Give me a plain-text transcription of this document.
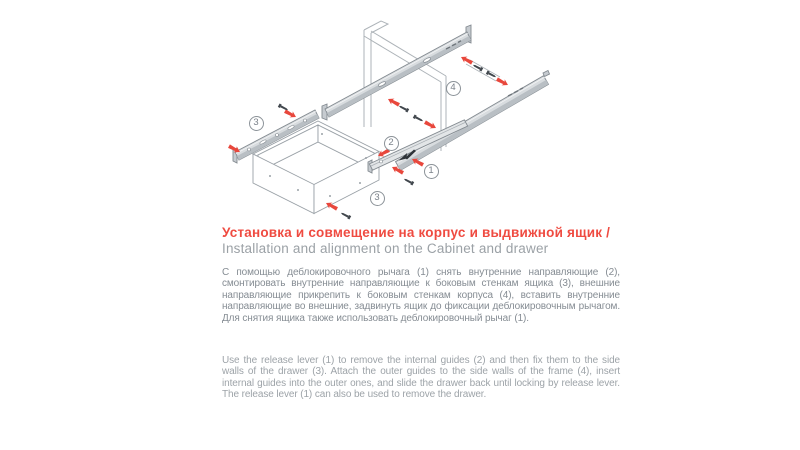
3
2
1
4
3
Установка и совмещение на корпус и выдвижной ящик /
Installation and alignment on the Cabinet and drawer

С помощью деблокировочного рычага (1) снять внутренние направляющие (2), смонтировать внутренние направляющие к боковым стенкам ящика (3), внешние направляющие прикрепить к боковым стенкам корпуса (4), вставить внутренние направляющие во внешние, задвинуть ящик до фиксации деблокировочным рычагом. Для снятия ящика также использовать деблокировочный рычаг (1).

Use the release lever (1) to remove the internal guides (2) and then fix them to the side walls of the drawer (3). Attach the outer guides to the side walls of the frame (4), insert internal guides into the outer ones, and slide the drawer back until locking by release lever. The release lever (1) can also be used to remove the drawer.
